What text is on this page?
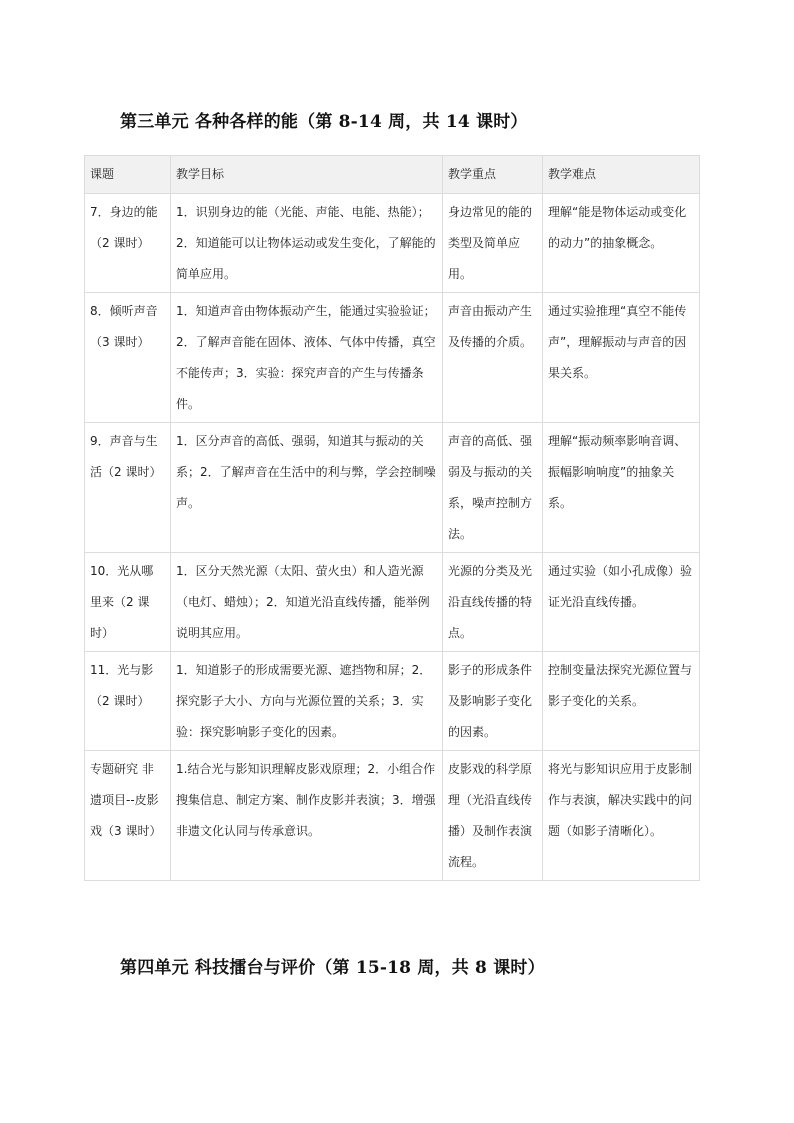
第三单元 各种各样的能（第 8-14 周，共 14 课时）
课题	教学目标	教学重点	教学难点
7．身边的能（2 课时）	1．识别身边的能（光能、声能、电能、热能）；2．知道能可以让物体运动或发生变化，了解能的简单应用。	身边常见的能的类型及简单应用。	理解“能是物体运动或变化的动力”的抽象概念。
8．倾听声音（3 课时）	1．知道声音由物体振动产生，能通过实验验证；2．了解声音能在固体、液体、气体中传播，真空不能传声；3．实验：探究声音的产生与传播条件。	声音由振动产生及传播的介质。	通过实验推理“真空不能传声”，理解振动与声音的因果关系。
9．声音与生活（2 课时）	1．区分声音的高低、强弱，知道其与振动的关系；2．了解声音在生活中的利与弊，学会控制噪声。	声音的高低、强弱及与振动的关系，噪声控制方法。	理解“振动频率影响音调、振幅影响响度”的抽象关系。
10．光从哪里来（2 课时）	1．区分天然光源（太阳、萤火虫）和人造光源（电灯、蜡烛）；2．知道光沿直线传播，能举例说明其应用。	光源的分类及光沿直线传播的特点。	通过实验（如小孔成像）验证光沿直线传播。
11．光与影（2 课时）	1．知道影子的形成需要光源、遮挡物和屏；2．探究影子大小、方向与光源位置的关系；3．实验：探究影响影子变化的因素。	影子的形成条件及影响影子变化的因素。	控制变量法探究光源位置与影子变化的关系。
专题研究 非遗项目--皮影戏（3 课时）	1.结合光与影知识理解皮影戏原理；2．小组合作搜集信息、制定方案、制作皮影并表演；3．增强非遗文化认同与传承意识。	皮影戏的科学原理（光沿直线传播）及制作表演流程。	将光与影知识应用于皮影制作与表演，解决实践中的问题（如影子清晰化）。
第四单元 科技擂台与评价（第 15-18 周，共 8 课时）
